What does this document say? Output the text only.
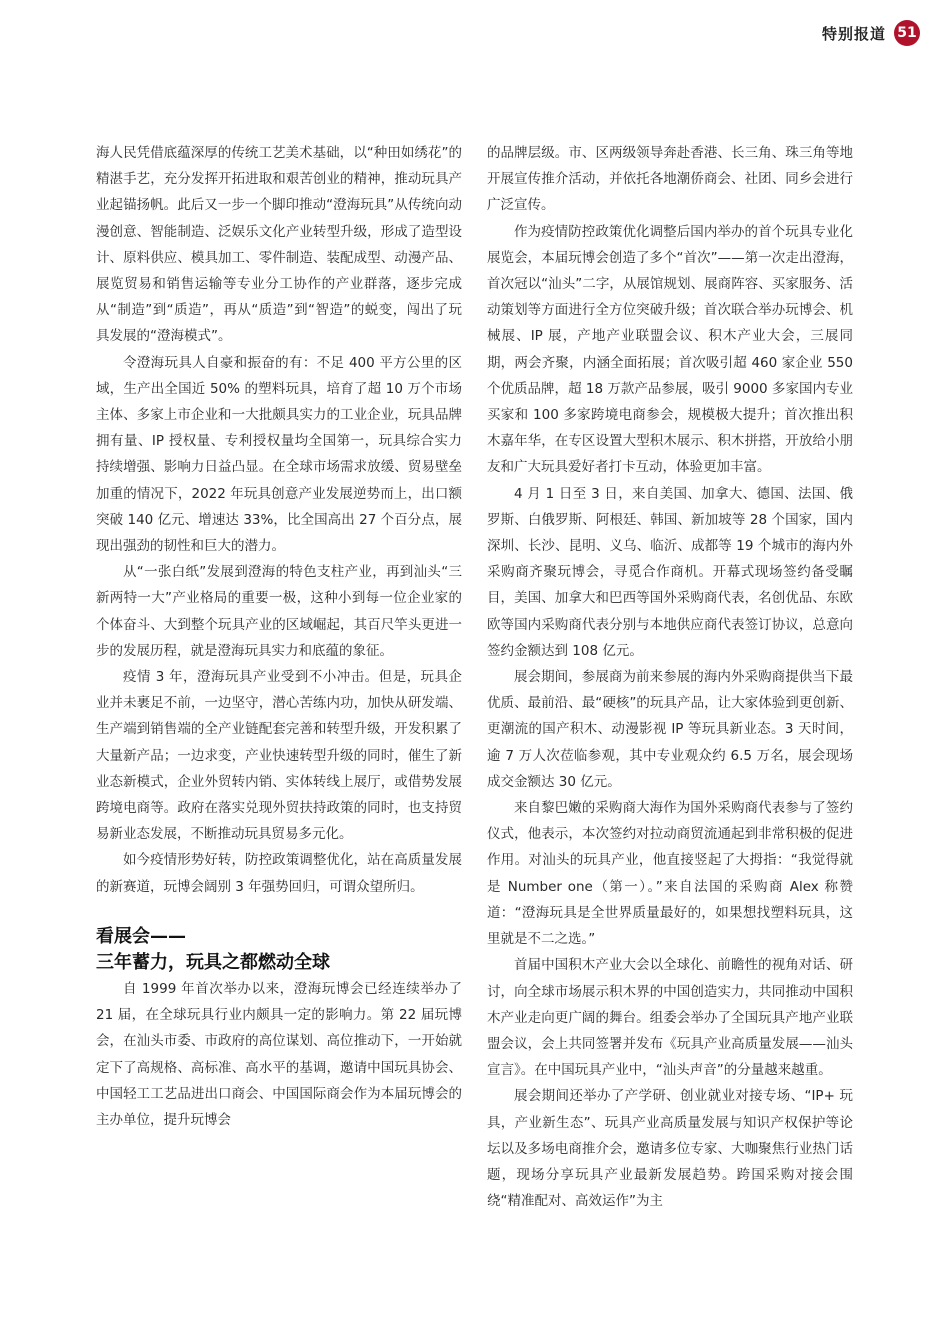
特别报道 51

海人民凭借底蕴深厚的传统工艺美术基础，以“种田如绣花”的精湛手艺，充分发挥开拓进取和艰苦创业的精神，推动玩具产业起锚扬帆。此后又一步一个脚印推动“澄海玩具”从传统向动漫创意、智能制造、泛娱乐文化产业转型升级，形成了造型设计、原料供应、模具加工、零件制造、装配成型、动漫产品、展览贸易和销售运输等专业分工协作的产业群落，逐步完成从“制造”到“质造”，再从“质造”到“智造”的蜕变，闯出了玩具发展的“澄海模式”。

令澄海玩具人自豪和振奋的有：不足 400 平方公里的区域，生产出全国近 50% 的塑料玩具，培育了超 10 万个市场主体、多家上市企业和一大批颇具实力的工业企业，玩具品牌拥有量、IP 授权量、专利授权量均全国第一，玩具综合实力持续增强、影响力日益凸显。在全球市场需求放缓、贸易壁垒加重的情况下，2022 年玩具创意产业发展逆势而上，出口额突破 140 亿元、增速达 33%，比全国高出 27 个百分点，展现出强劲的韧性和巨大的潜力。

从“一张白纸”发展到澄海的特色支柱产业，再到汕头“三新两特一大”产业格局的重要一极，这种小到每一位企业家的个体奋斗、大到整个玩具产业的区域崛起，其百尺竿头更进一步的发展历程，就是澄海玩具实力和底蕴的象征。

疫情 3 年，澄海玩具产业受到不小冲击。但是，玩具企业并未裹足不前，一边坚守，潜心苦练内功，加快从研发端、生产端到销售端的全产业链配套完善和转型升级，开发积累了大量新产品；一边求变，产业快速转型升级的同时，催生了新业态新模式，企业外贸转内销、实体转线上展厅，或借势发展跨境电商等。政府在落实兑现外贸扶持政策的同时，也支持贸易新业态发展，不断推动玩具贸易多元化。

如今疫情形势好转，防控政策调整优化，站在高质量发展的新赛道，玩博会阔别 3 年强势回归，可谓众望所归。

看展会——
三年蓄力，玩具之都燃动全球

自 1999 年首次举办以来，澄海玩博会已经连续举办了 21 届，在全球玩具行业内颇具一定的影响力。第 22 届玩博会，在汕头市委、市政府的高位谋划、高位推动下，一开始就定下了高规格、高标准、高水平的基调，邀请中国玩具协会、中国轻工工艺品进出口商会、中国国际商会作为本届玩博会的主办单位，提升玩博会

的品牌层级。市、区两级领导奔赴香港、长三角、珠三角等地开展宣传推介活动，并依托各地潮侨商会、社团、同乡会进行广泛宣传。

作为疫情防控政策优化调整后国内举办的首个玩具专业化展览会，本届玩博会创造了多个“首次”——第一次走出澄海，首次冠以“汕头”二字，从展馆规划、展商阵容、买家服务、活动策划等方面进行全方位突破升级；首次联合举办玩博会、机械展、IP 展，产地产业联盟会议、积木产业大会，三展同期，两会齐聚，内涵全面拓展；首次吸引超 460 家企业 550 个优质品牌，超 18 万款产品参展，吸引 9000 多家国内专业买家和 100 多家跨境电商参会，规模极大提升；首次推出积木嘉年华，在专区设置大型积木展示、积木拼搭，开放给小朋友和广大玩具爱好者打卡互动，体验更加丰富。

4 月 1 日至 3 日，来自美国、加拿大、德国、法国、俄罗斯、白俄罗斯、阿根廷、韩国、新加坡等 28 个国家，国内深圳、长沙、昆明、义乌、临沂、成都等 19 个城市的海内外采购商齐聚玩博会，寻觅合作商机。开幕式现场签约备受瞩目，美国、加拿大和巴西等国外采购商代表，名创优品、东欧欧等国内采购商代表分别与本地供应商代表签订协议，总意向签约金额达到 108 亿元。

展会期间，参展商为前来参展的海内外采购商提供当下最优质、最前沿、最“硬核”的玩具产品，让大家体验到更创新、更潮流的国产积木、动漫影视 IP 等玩具新业态。3 天时间，逾 7 万人次莅临参观，其中专业观众约 6.5 万名，展会现场成交金额达 30 亿元。

来自黎巴嫩的采购商大海作为国外采购商代表参与了签约仪式，他表示，本次签约对拉动商贸流通起到非常积极的促进作用。对汕头的玩具产业，他直接竖起了大拇指：“我觉得就是 Number one（第一）。”来自法国的采购商 Alex 称赞道：“澄海玩具是全世界质量最好的，如果想找塑料玩具，这里就是不二之选。”

首届中国积木产业大会以全球化、前瞻性的视角对话、研讨，向全球市场展示积木界的中国创造实力，共同推动中国积木产业走向更广阔的舞台。组委会举办了全国玩具产地产业联盟会议，会上共同签署并发布《玩具产业高质量发展——汕头宣言》。在中国玩具产业中，“汕头声音”的分量越来越重。

展会期间还举办了产学研、创业就业对接专场、“IP+ 玩具，产业新生态”、玩具产业高质量发展与知识产权保护等论坛以及多场电商推介会，邀请多位专家、大咖聚焦行业热门话题，现场分享玩具产业最新发展趋势。跨国采购对接会围绕“精准配对、高效运作”为主
